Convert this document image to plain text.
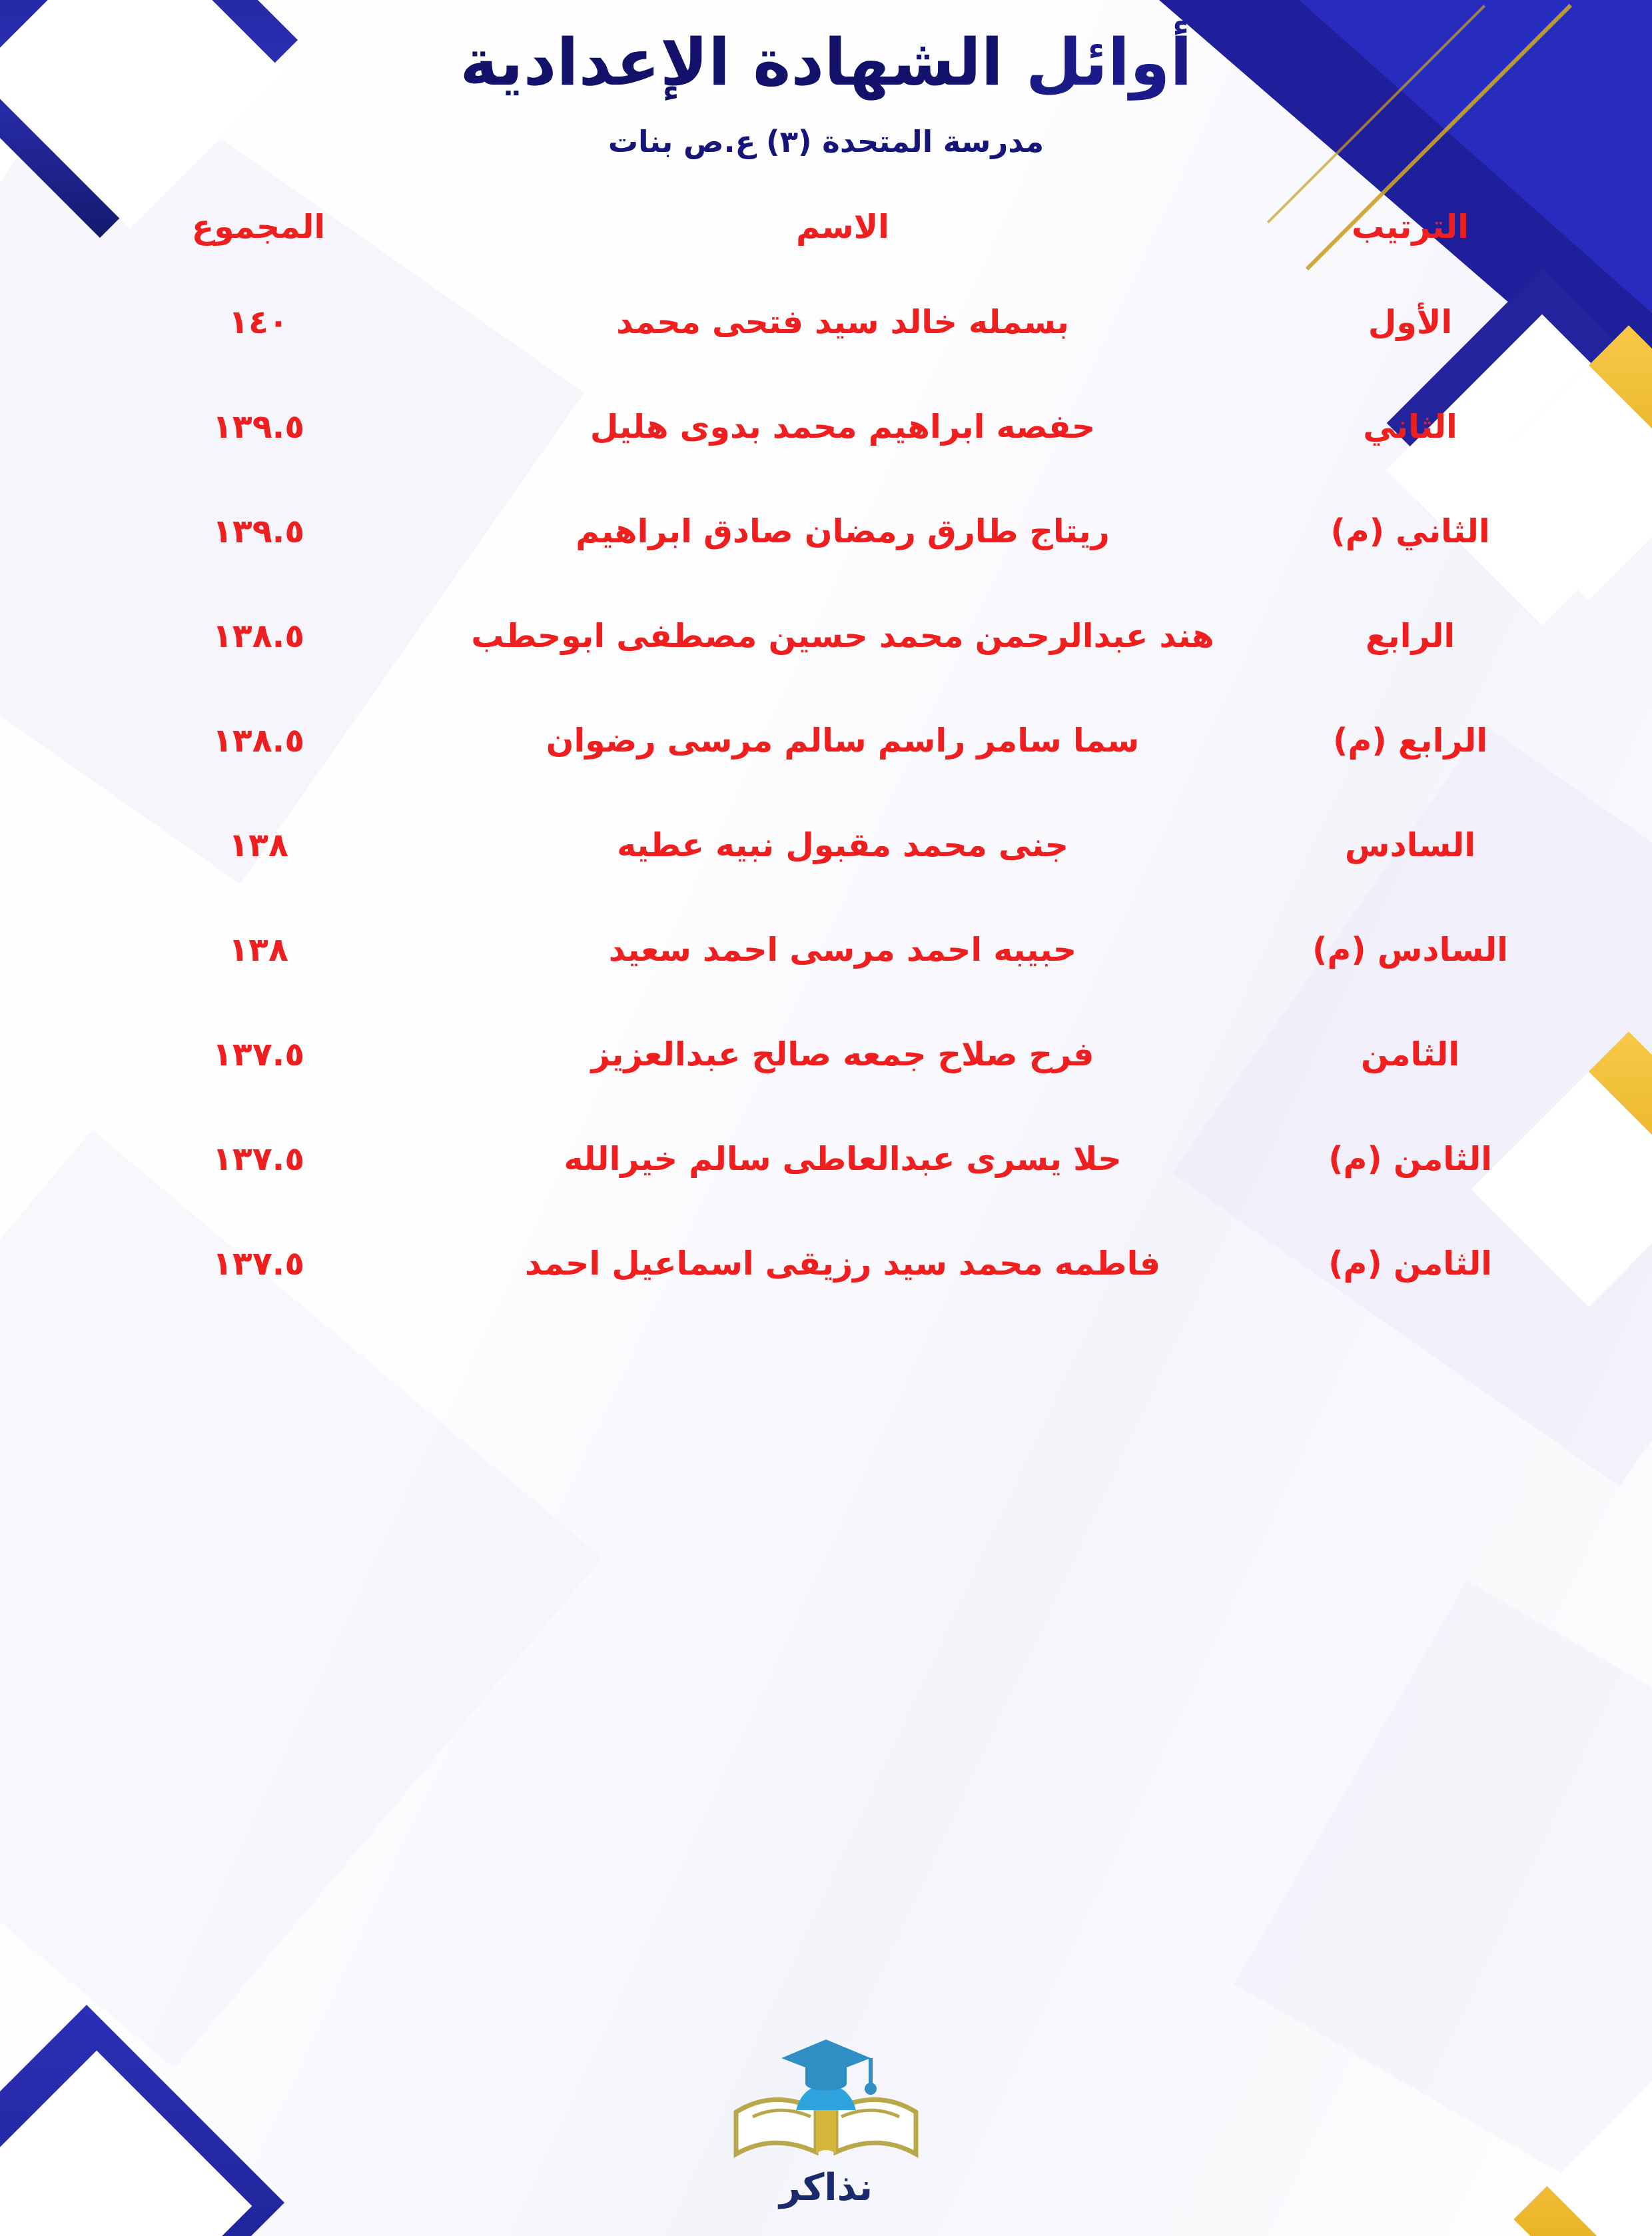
أوائل الشهادة الإعدادية
مدرسة المتحدة (٣) ع.ص بنات
الترتيب	الاسم	المجموع
الأول	بسمله خالد سيد فتحى محمد	١٤٠
الثاني	حفصه ابراهيم محمد بدوى هليل	١٣٩.٥
الثاني (م)	ريتاج طارق رمضان صادق ابراهيم	١٣٩.٥
الرابع	هند عبدالرحمن محمد حسين مصطفى ابوحطب	١٣٨.٥
الرابع (م)	سما سامر راسم سالم مرسى رضوان	١٣٨.٥
السادس	جنى محمد مقبول نبيه عطيه	١٣٨
السادس (م)	حبيبه احمد مرسى احمد سعيد	١٣٨
الثامن	فرح صلاح جمعه صالح عبدالعزيز	١٣٧.٥
الثامن (م)	حلا يسرى عبدالعاطى سالم خيرالله	١٣٧.٥
الثامن (م)	فاطمه محمد سيد رزيقى اسماعيل احمد	١٣٧.٥
نذاكر
